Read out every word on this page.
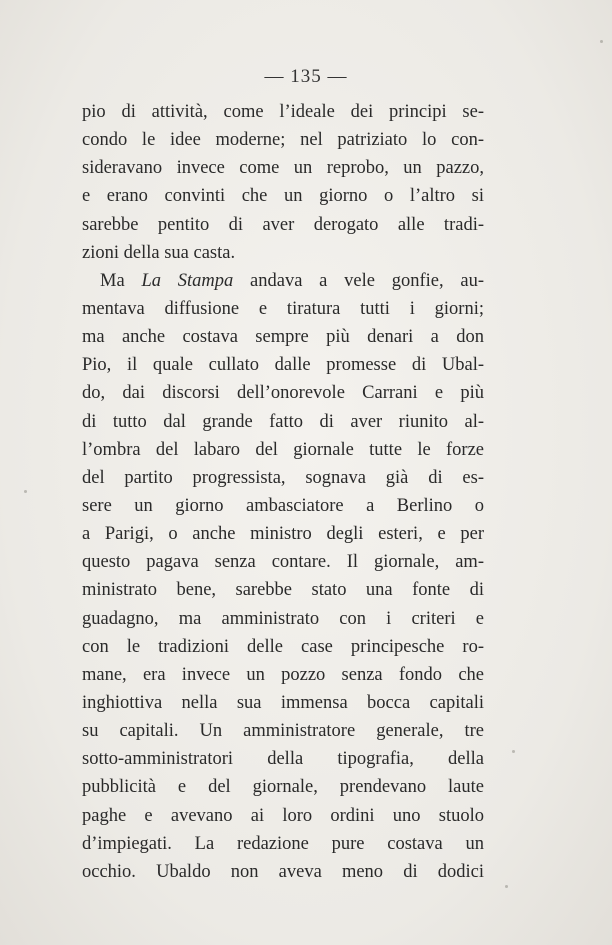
— 135 —
pio di attività, come l’ideale dei principi se-
condo le idee moderne; nel patriziato lo con-
sideravano invece come un reprobo, un pazzo,
e erano convinti che un giorno o l’altro si
sarebbe pentito di aver derogato alle tradi-
zioni della sua casta.
Ma La Stampa andava a vele gonfie, au-
mentava diffusione e tiratura tutti i giorni;
ma anche costava sempre più denari a don
Pio, il quale cullato dalle promesse di Ubal-
do, dai discorsi dell’onorevole Carrani e più
di tutto dal grande fatto di aver riunito al-
l’ombra del labaro del giornale tutte le forze
del partito progressista, sognava già di es-
sere un giorno ambasciatore a Berlino o
a Parigi, o anche ministro degli esteri, e per
questo pagava senza contare. Il giornale, am-
ministrato bene, sarebbe stato una fonte di
guadagno, ma amministrato con i criteri e
con le tradizioni delle case principesche ro-
mane, era invece un pozzo senza fondo che
inghiottiva nella sua immensa bocca capitali
su capitali. Un amministratore generale, tre
sotto-amministratori della tipografia, della
pubblicità e del giornale, prendevano laute
paghe e avevano ai loro ordini uno stuolo
d’impiegati. La redazione pure costava un
occhio. Ubaldo non aveva meno di dodici
